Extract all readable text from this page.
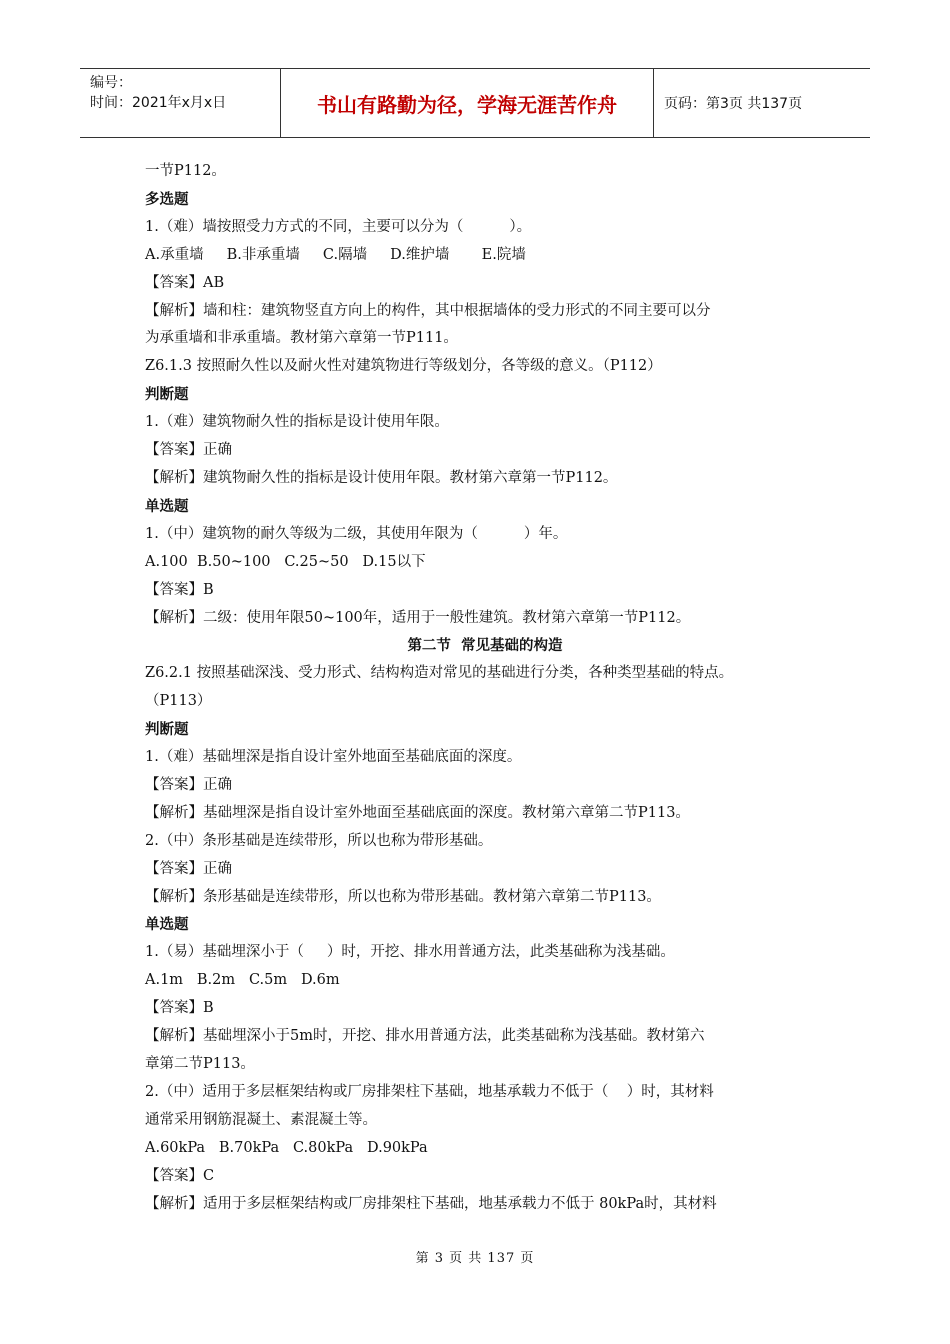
编号：
时间：2021年x月x日	书山有路勤为径，学海无涯苦作舟	页码：第3页 共137页
一节P112。
多选题
1.（难）墙按照受力方式的不同，主要可以分为（          ）。
A.承重墙     B.非承重墙     C.隔墙     D.维护墙       E.院墙
【答案】AB
【解析】墙和柱：建筑物竖直方向上的构件，其中根据墙体的受力形式的不同主要可以分
为承重墙和非承重墙。教材第六章第一节P111。
Z6.1.3 按照耐久性以及耐火性对建筑物进行等级划分，各等级的意义。（P112）
判断题
1.（难）建筑物耐久性的指标是设计使用年限。
【答案】正确
【解析】建筑物耐久性的指标是设计使用年限。教材第六章第一节P112。
单选题
1.（中）建筑物的耐久等级为二级，其使用年限为（          ）年。
A.100  B.50~100   C.25~50   D.15以下
【答案】B
【解析】二级：使用年限50~100年，适用于一般性建筑。教材第六章第一节P112。
第二节  常见基础的构造
Z6.2.1 按照基础深浅、受力形式、结构构造对常见的基础进行分类，各种类型基础的特点。
（P113）
判断题
1.（难）基础埋深是指自设计室外地面至基础底面的深度。
【答案】正确
【解析】基础埋深是指自设计室外地面至基础底面的深度。教材第六章第二节P113。
2.（中）条形基础是连续带形，所以也称为带形基础。
【答案】正确
【解析】条形基础是连续带形，所以也称为带形基础。教材第六章第二节P113。
单选题
1.（易）基础埋深小于（     ）时，开挖、排水用普通方法，此类基础称为浅基础。
A.1m   B.2m   C.5m   D.6m
【答案】B
【解析】基础埋深小于5m时，开挖、排水用普通方法，此类基础称为浅基础。教材第六
章第二节P113。
2.（中）适用于多层框架结构或厂房排架柱下基础，地基承载力不低于（    ）时，其材料
通常采用钢筋混凝土、素混凝土等。
A.60kPa   B.70kPa   C.80kPa   D.90kPa
【答案】C
【解析】适用于多层框架结构或厂房排架柱下基础，地基承载力不低于 80kPa时，其材料
第 3 页 共 137 页
